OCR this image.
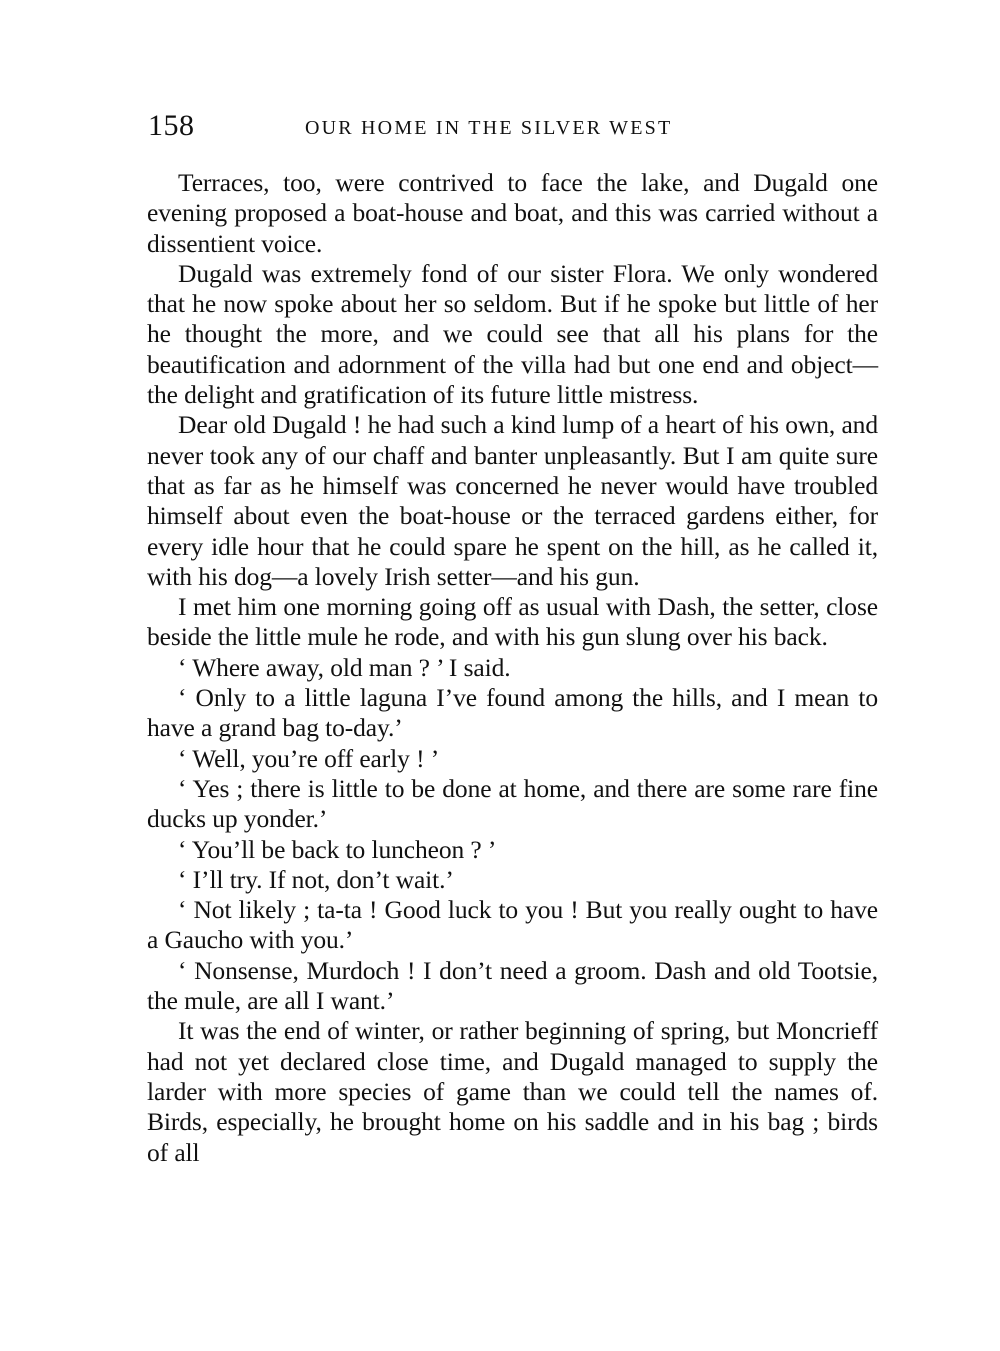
158	OUR HOME IN THE SILVER WEST

Terraces, too, were contrived to face the lake, and Dugald one evening proposed a boat-house and boat, and this was carried without a dissentient voice.

Dugald was extremely fond of our sister Flora. We only wondered that he now spoke about her so seldom. But if he spoke but little of her he thought the more, and we could see that all his plans for the beautification and adornment of the villa had but one end and object—the delight and gratification of its future little mistress.

Dear old Dugald ! he had such a kind lump of a heart of his own, and never took any of our chaff and banter unpleasantly. But I am quite sure that as far as he himself was concerned he never would have troubled himself about even the boat-house or the terraced gardens either, for every idle hour that he could spare he spent on the hill, as he called it, with his dog—a lovely Irish setter—and his gun.

I met him one morning going off as usual with Dash, the setter, close beside the little mule he rode, and with his gun slung over his back.

‘ Where away, old man ? ’ I said.

‘ Only to a little laguna I’ve found among the hills, and I mean to have a grand bag to-day.’

‘ Well, you’re off early ! ’

‘ Yes ; there is little to be done at home, and there are some rare fine ducks up yonder.’

‘ You’ll be back to luncheon ? ’

‘ I’ll try. If not, don’t wait.’

‘ Not likely ; ta-ta ! Good luck to you ! But you really ought to have a Gaucho with you.’

‘ Nonsense, Murdoch ! I don’t need a groom. Dash and old Tootsie, the mule, are all I want.’

It was the end of winter, or rather beginning of spring, but Moncrieff had not yet declared close time, and Dugald managed to supply the larder with more species of game than we could tell the names of. Birds, especially, he brought home on his saddle and in his bag ; birds of all
